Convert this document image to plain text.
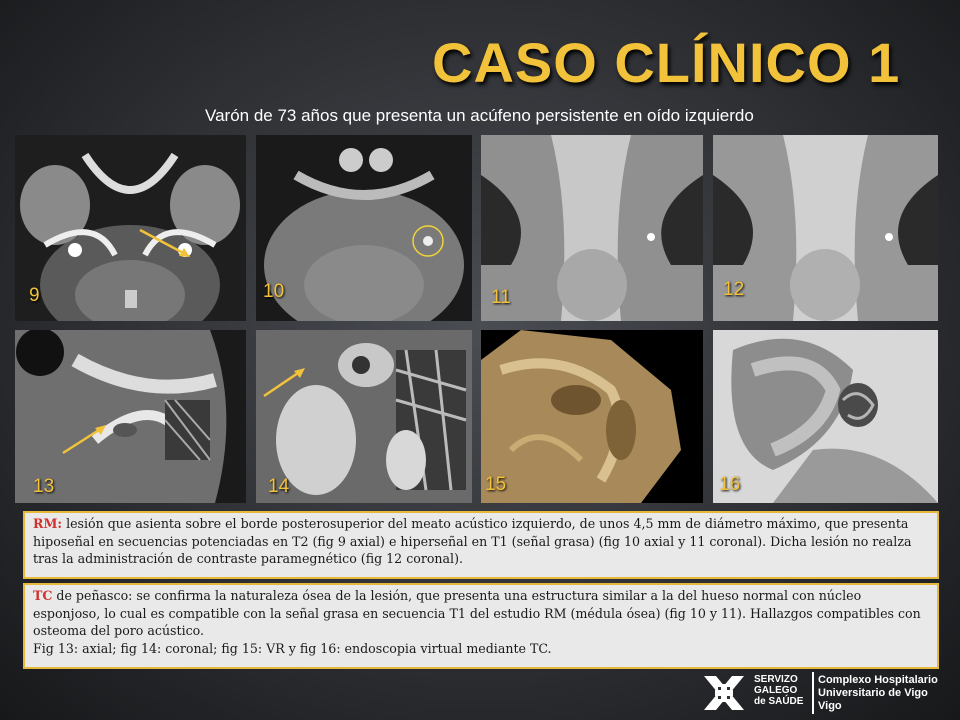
CASO CLÍNICO 1
Varón de 73 años que presenta un acúfeno persistente en oído izquierdo
9	10	11	12
13	14	15	16
RM: lesión que asienta sobre el borde posterosuperior del meato acústico izquierdo, de unos 4,5 mm de diámetro máximo, que presenta hiposeñal en secuencias potenciadas en T2 (fig 9 axial) e hiperseñal en T1 (señal grasa) (fig 10 axial y 11 coronal). Dicha lesión no realza tras la administración de contraste paramegnético (fig 12 coronal).
TC de peñasco: se confirma la naturaleza ósea de la lesión, que presenta una estructura similar a la del hueso normal con núcleo esponjoso, lo cual es compatible con la señal grasa en secuencia T1 del estudio RM (médula ósea) (fig 10 y 11). Hallazgos compatibles con osteoma del poro acústico.
Fig 13: axial; fig 14: coronal; fig 15: VR y fig 16: endoscopia virtual mediante TC.
SERVIZO
GALEGO
de SAÚDE
Complexo Hospitalario
Universitario de Vigo
Vigo
